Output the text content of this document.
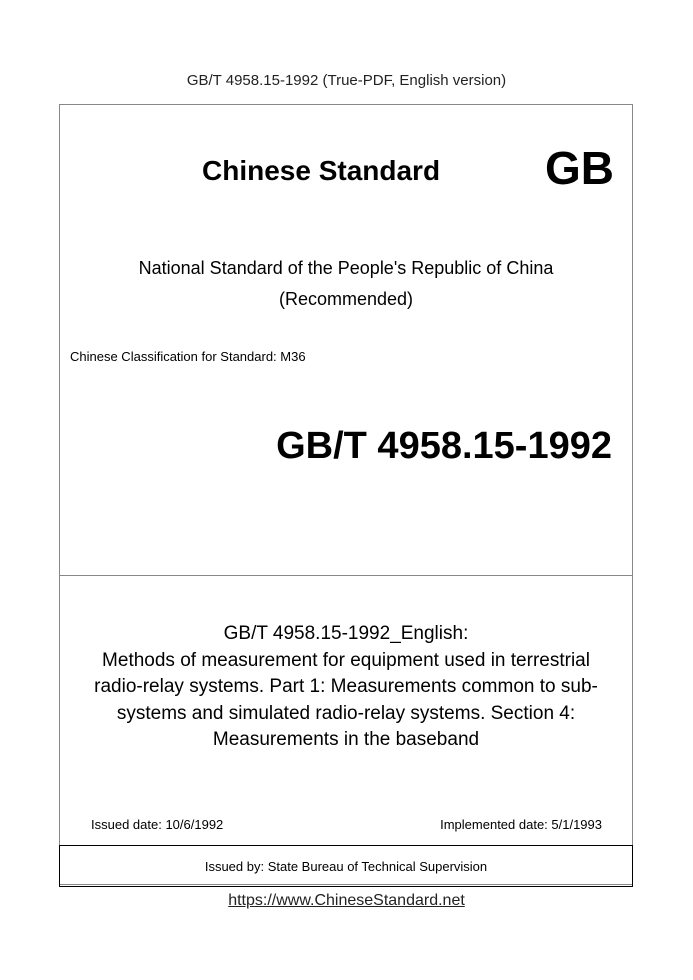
GB/T 4958.15-1992 (True-PDF, English version)
Chinese Standard GB
National Standard of the People's Republic of China
(Recommended)
Chinese Classification for Standard: M36
GB/T 4958.15-1992
GB/T 4958.15-1992_English:
Methods of measurement for equipment used in terrestrial
radio-relay systems. Part 1: Measurements common to sub-
systems and simulated radio-relay systems. Section 4:
Measurements in the baseband
Issued date: 10/6/1992	Implemented date: 5/1/1993
Issued by: State Bureau of Technical Supervision
https://www.ChineseStandard.net
